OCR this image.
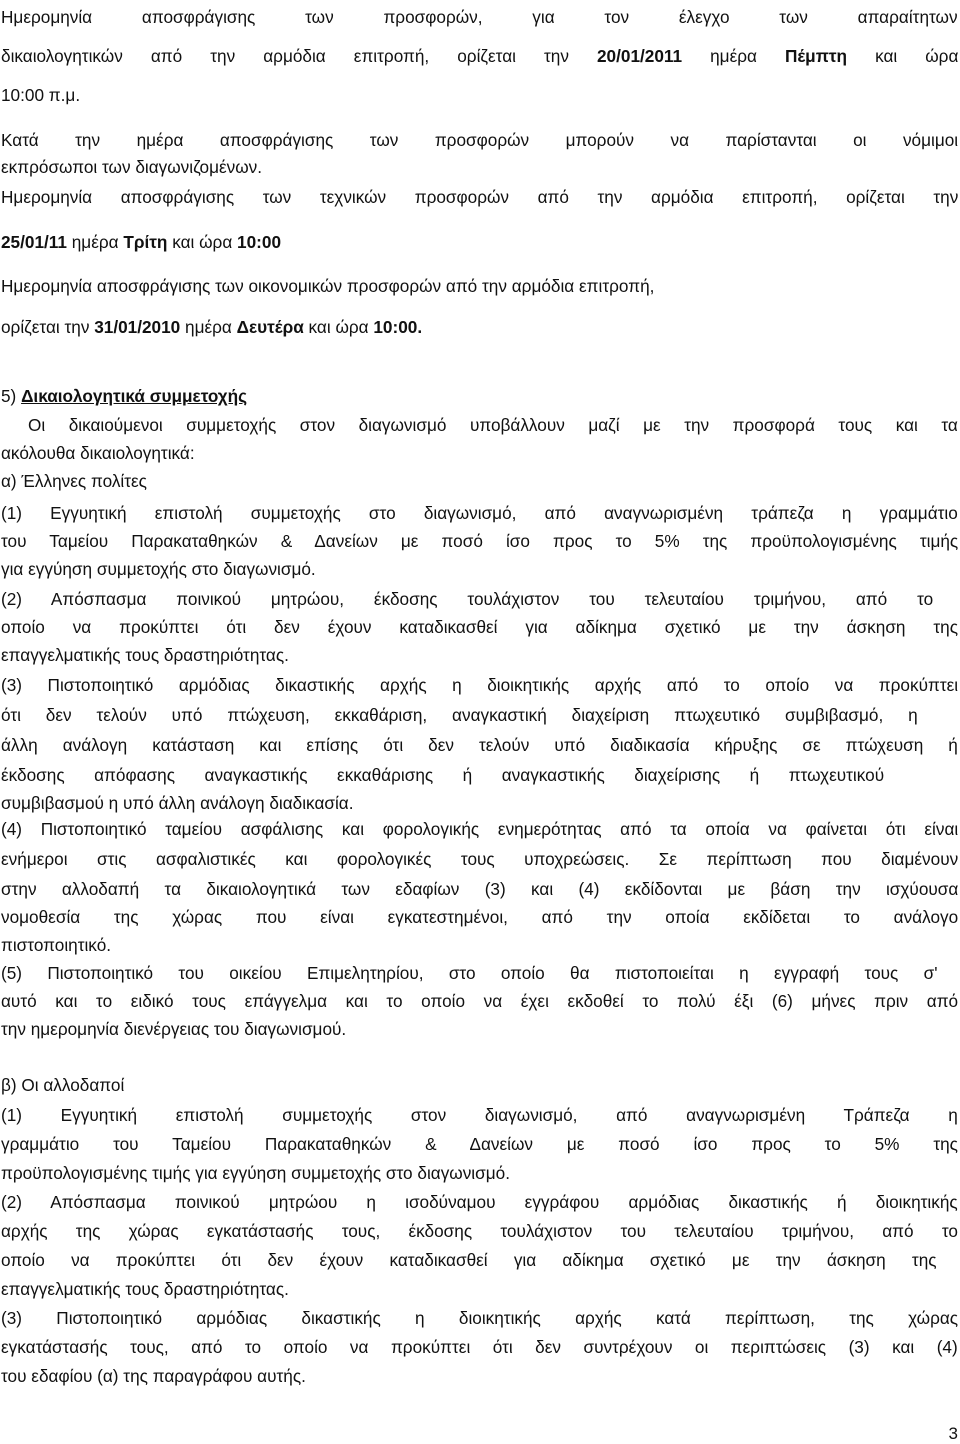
3
Ημερομηνία αποσφράγισης των προσφορών, για τον έλεγχο των απαραίτητων
δικαιολογητικών από την αρμόδια επιτροπή, ορίζεται την 20/01/2011 ημέρα Πέμπτη και ώρα
10:00 π.μ.
Κατά την ημέρα αποσφράγισης των προσφορών μπορούν να παρίστανται οι νόμιμοι
εκπρόσωποι των διαγωνιζομένων.
Ημερομηνία αποσφράγισης των τεχνικών προσφορών από την αρμόδια επιτροπή, ορίζεται την
25/01/11 ημέρα Τρίτη και ώρα 10:00
Ημερομηνία αποσφράγισης των οικονομικών προσφορών από την αρμόδια επιτροπή,
ορίζεται την 31/01/2010 ημέρα Δευτέρα και ώρα 10:00.
5) Δικαιολογητικά συμμετοχής
Οι δικαιούμενοι συμμετοχής στον διαγωνισμό υποβάλλουν μαζί με την προσφορά τους και τα
ακόλουθα δικαιολογητικά:
α) Έλληνες πολίτες
(1) Εγγυητική επιστολή συμμετοχής στο διαγωνισμό, από αναγνωρισμένη τράπεζα η γραμμάτιο
του Ταμείου Παρακαταθηκών & Δανείων με ποσό ίσο προς το 5% της προϋπολογισμένης τιμής
για εγγύηση συμμετοχής στο διαγωνισμό.
(2) Απόσπασμα ποινικού μητρώου, έκδοσης τουλάχιστον του τελευταίου τριμήνου, από το
οποίο να προκύπτει ότι δεν έχουν καταδικασθεί για αδίκημα σχετικό με την άσκηση της
επαγγελματικής τους δραστηριότητας.
(3) Πιστοποιητικό αρμόδιας δικαστικής αρχής η διοικητικής αρχής από το οποίο να προκύπτει
ότι δεν τελούν υπό πτώχευση, εκκαθάριση, αναγκαστική διαχείριση πτωχευτικό συμβιβασμό, η
άλλη ανάλογη κατάσταση και επίσης ότι δεν τελούν υπό διαδικασία κήρυξης σε πτώχευση ή
έκδοσης απόφασης αναγκαστικής εκκαθάρισης ή αναγκαστικής διαχείρισης ή πτωχευτικού
συμβιβασμού η υπό άλλη ανάλογη διαδικασία.
(4) Πιστοποιητικό ταμείου ασφάλισης και φορολογικής ενημερότητας από τα οποία να φαίνεται ότι είναι
ενήμεροι στις ασφαλιστικές και φορολογικές τους υποχρεώσεις. Σε περίπτωση που διαμένουν
στην αλλοδαπή τα δικαιολογητικά των εδαφίων (3) και (4) εκδίδονται με βάση την ισχύουσα
νομοθεσία της χώρας που είναι εγκατεστημένοι, από την οποία εκδίδεται το ανάλογο
πιστοποιητικό.
(5) Πιστοποιητικό του οικείου Επιμελητηρίου, στο οποίο θα πιστοποιείται η εγγραφή τους σ'
αυτό και το ειδικό τους επάγγελμα και το οποίο να έχει εκδοθεί το πολύ έξι (6) μήνες πριν από
την ημερομηνία διενέργειας του διαγωνισμού.
β) Οι αλλοδαποί
(1) Εγγυητική επιστολή συμμετοχής στον διαγωνισμό, από αναγνωρισμένη Τράπεζα η
γραμμάτιο του Ταμείου Παρακαταθηκών & Δανείων με ποσό ίσο προς το 5% της
προϋπολογισμένης τιμής για εγγύηση συμμετοχής στο διαγωνισμό.
(2) Απόσπασμα ποινικού μητρώου η ισοδύναμου εγγράφου αρμόδιας δικαστικής ή διοικητικής
αρχής της χώρας εγκατάστασής τους, έκδοσης τουλάχιστον του τελευταίου τριμήνου, από το
οποίο να προκύπτει ότι δεν έχουν καταδικασθεί για αδίκημα σχετικό με την άσκηση της
επαγγελματικής τους δραστηριότητας.
(3) Πιστοποιητικό αρμόδιας δικαστικής η διοικητικής αρχής κατά περίπτωση, της χώρας
εγκατάστασής τους, από το οποίο να προκύπτει ότι δεν συντρέχουν οι περιπτώσεις (3) και (4)
του εδαφίου (α) της παραγράφου αυτής.
